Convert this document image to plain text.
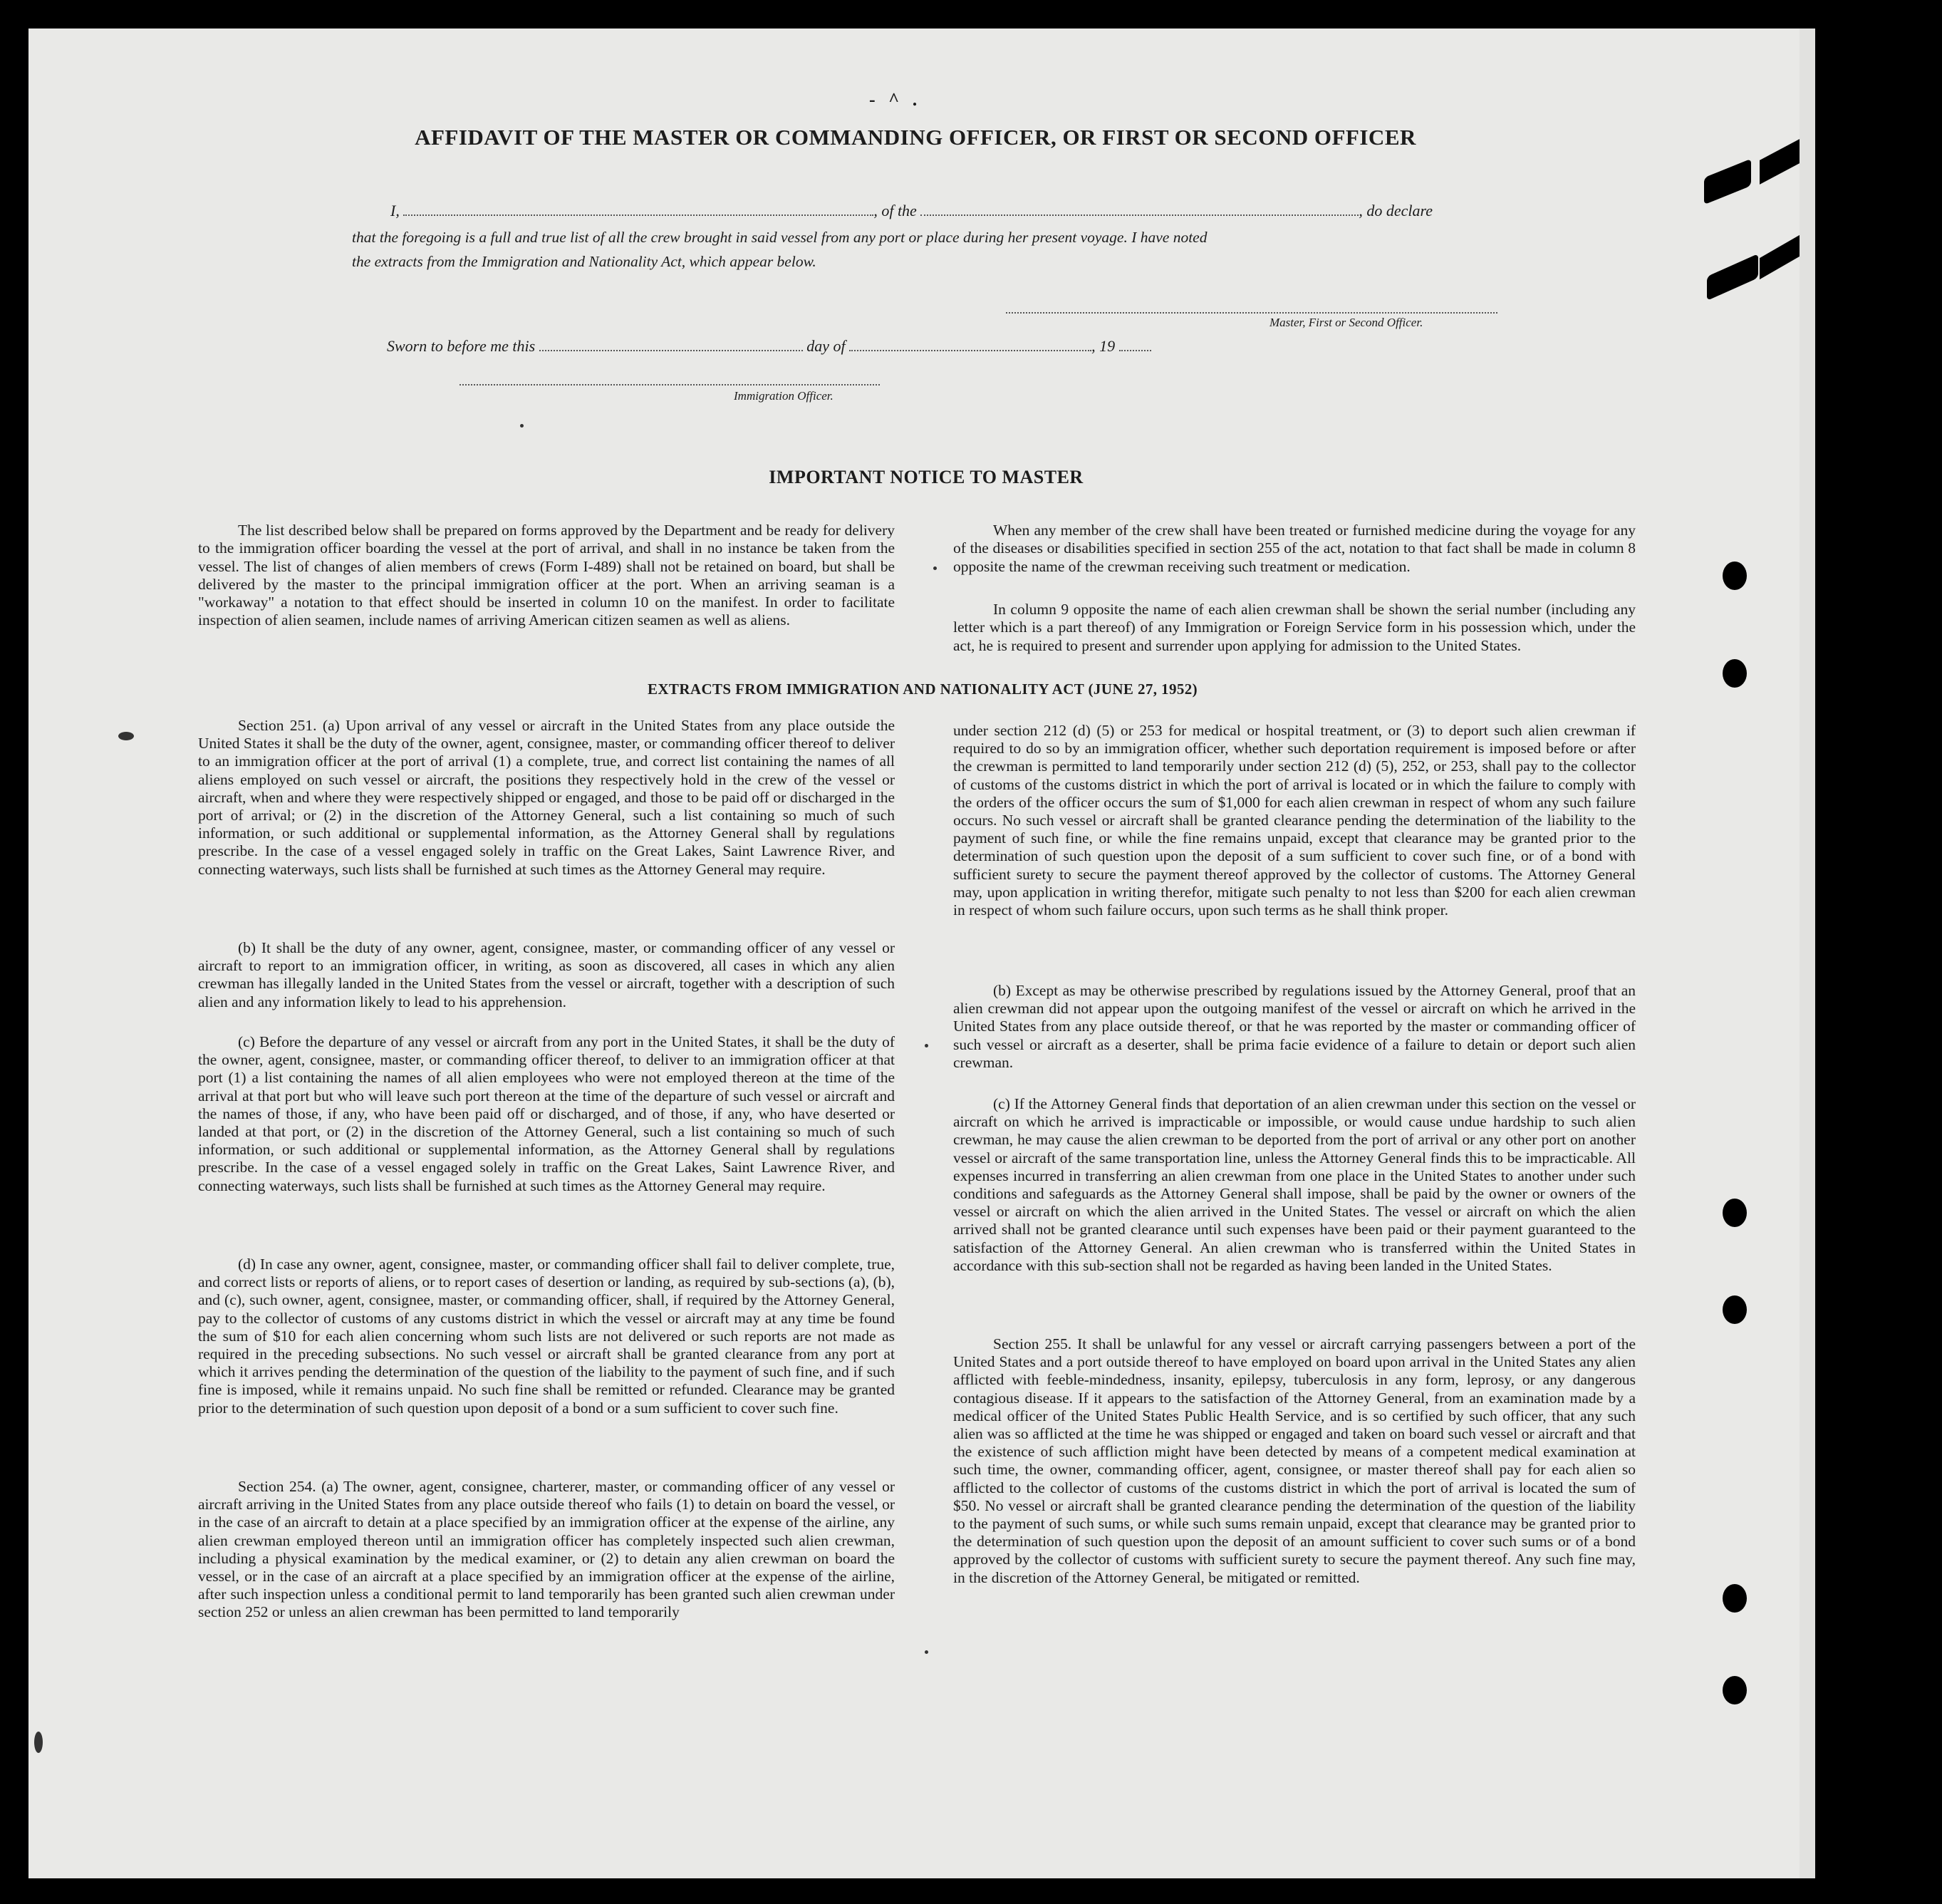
- ^ .
AFFIDAVIT OF THE MASTER OR COMMANDING OFFICER, OR FIRST OR SECOND OFFICER
I,	, of the	, do declare
that the foregoing is a full and true list of all the crew brought in said vessel from any port or place during her present voyage. I have noted
the extracts from the Immigration and Nationality Act, which appear below.
Master, First or Second Officer.
Sworn to before me this	day of	, 19
Immigration Officer.
IMPORTANT NOTICE TO MASTER
The list described below shall be prepared on forms approved by the Department and be ready for delivery to the immigration officer boarding the vessel at the port of arrival, and shall in no instance be taken from the vessel. The list of changes of alien members of crews (Form I-489) shall not be retained on board, but shall be delivered by the master to the principal immigration officer at the port. When an arriving seaman is a "workaway" a notation to that effect should be inserted in column 10 on the manifest. In order to facilitate inspection of alien seamen, include names of arriving American citizen seamen as well as aliens.
When any member of the crew shall have been treated or furnished medicine during the voyage for any of the diseases or disabilities specified in section 255 of the act, notation to that fact shall be made in column 8 opposite the name of the crewman receiving such treatment or medication.
In column 9 opposite the name of each alien crewman shall be shown the serial number (including any letter which is a part thereof) of any Immigration or Foreign Service form in his possession which, under the act, he is required to present and surrender upon applying for admission to the United States.
EXTRACTS FROM IMMIGRATION AND NATIONALITY ACT (JUNE 27, 1952)
Section 251. (a) Upon arrival of any vessel or aircraft in the United States from any place outside the United States it shall be the duty of the owner, agent, consignee, master, or commanding officer thereof to deliver to an immigration officer at the port of arrival (1) a complete, true, and correct list containing the names of all aliens employed on such vessel or aircraft, the positions they respectively hold in the crew of the vessel or aircraft, when and where they were respectively shipped or engaged, and those to be paid off or discharged in the port of arrival; or (2) in the discretion of the Attorney General, such a list containing so much of such information, or such additional or supplemental information, as the Attorney General shall by regulations prescribe. In the case of a vessel engaged solely in traffic on the Great Lakes, Saint Lawrence River, and connecting waterways, such lists shall be furnished at such times as the Attorney General may require.
(b) It shall be the duty of any owner, agent, consignee, master, or commanding officer of any vessel or aircraft to report to an immigration officer, in writing, as soon as discovered, all cases in which any alien crewman has illegally landed in the United States from the vessel or aircraft, together with a description of such alien and any information likely to lead to his apprehension.
(c) Before the departure of any vessel or aircraft from any port in the United States, it shall be the duty of the owner, agent, consignee, master, or commanding officer thereof, to deliver to an immigration officer at that port (1) a list containing the names of all alien employees who were not employed thereon at the time of the arrival at that port but who will leave such port thereon at the time of the departure of such vessel or aircraft and the names of those, if any, who have been paid off or discharged, and of those, if any, who have deserted or landed at that port, or (2) in the discretion of the Attorney General, such a list containing so much of such information, or such additional or supplemental information, as the Attorney General shall by regulations prescribe. In the case of a vessel engaged solely in traffic on the Great Lakes, Saint Lawrence River, and connecting waterways, such lists shall be furnished at such times as the Attorney General may require.
(d) In case any owner, agent, consignee, master, or commanding officer shall fail to deliver complete, true, and correct lists or reports of aliens, or to report cases of desertion or landing, as required by sub-sections (a), (b), and (c), such owner, agent, consignee, master, or commanding officer, shall, if required by the Attorney General, pay to the collector of customs of any customs district in which the vessel or aircraft may at any time be found the sum of $10 for each alien concerning whom such lists are not delivered or such reports are not made as required in the preceding subsections. No such vessel or aircraft shall be granted clearance from any port at which it arrives pending the determination of the question of the liability to the payment of such fine, and if such fine is imposed, while it remains unpaid. No such fine shall be remitted or refunded. Clearance may be granted prior to the determination of such question upon deposit of a bond or a sum sufficient to cover such fine.
Section 254. (a) The owner, agent, consignee, charterer, master, or commanding officer of any vessel or aircraft arriving in the United States from any place outside thereof who fails (1) to detain on board the vessel, or in the case of an aircraft to detain at a place specified by an immigration officer at the expense of the airline, any alien crewman employed thereon until an immigration officer has completely inspected such alien crewman, including a physical examination by the medical examiner, or (2) to detain any alien crewman on board the vessel, or in the case of an aircraft at a place specified by an immigration officer at the expense of the airline, after such inspection unless a conditional permit to land temporarily has been granted such alien crewman under section 252 or unless an alien crewman has been permitted to land temporarily
under section 212 (d) (5) or 253 for medical or hospital treatment, or (3) to deport such alien crewman if required to do so by an immigration officer, whether such deportation requirement is imposed before or after the crewman is permitted to land temporarily under section 212 (d) (5), 252, or 253, shall pay to the collector of customs of the customs district in which the port of arrival is located or in which the failure to comply with the orders of the officer occurs the sum of $1,000 for each alien crewman in respect of whom any such failure occurs. No such vessel or aircraft shall be granted clearance pending the determination of the liability to the payment of such fine, or while the fine remains unpaid, except that clearance may be granted prior to the determination of such question upon the deposit of a sum sufficient to cover such fine, or of a bond with sufficient surety to secure the payment thereof approved by the collector of customs. The Attorney General may, upon application in writing therefor, mitigate such penalty to not less than $200 for each alien crewman in respect of whom such failure occurs, upon such terms as he shall think proper.
(b) Except as may be otherwise prescribed by regulations issued by the Attorney General, proof that an alien crewman did not appear upon the outgoing manifest of the vessel or aircraft on which he arrived in the United States from any place outside thereof, or that he was reported by the master or commanding officer of such vessel or aircraft as a deserter, shall be prima facie evidence of a failure to detain or deport such alien crewman.
(c) If the Attorney General finds that deportation of an alien crewman under this section on the vessel or aircraft on which he arrived is impracticable or impossible, or would cause undue hardship to such alien crewman, he may cause the alien crewman to be deported from the port of arrival or any other port on another vessel or aircraft of the same transportation line, unless the Attorney General finds this to be impracticable. All expenses incurred in transferring an alien crewman from one place in the United States to another under such conditions and safeguards as the Attorney General shall impose, shall be paid by the owner or owners of the vessel or aircraft on which the alien arrived in the United States. The vessel or aircraft on which the alien arrived shall not be granted clearance until such expenses have been paid or their payment guaranteed to the satisfaction of the Attorney General. An alien crewman who is transferred within the United States in accordance with this sub-section shall not be regarded as having been landed in the United States.
Section 255. It shall be unlawful for any vessel or aircraft carrying passengers between a port of the United States and a port outside thereof to have employed on board upon arrival in the United States any alien afflicted with feeble-mindedness, insanity, epilepsy, tuberculosis in any form, leprosy, or any dangerous contagious disease. If it appears to the satisfaction of the Attorney General, from an examination made by a medical officer of the United States Public Health Service, and is so certified by such officer, that any such alien was so afflicted at the time he was shipped or engaged and taken on board such vessel or aircraft and that the existence of such affliction might have been detected by means of a competent medical examination at such time, the owner, commanding officer, agent, consignee, or master thereof shall pay for each alien so afflicted to the collector of customs of the customs district in which the port of arrival is located the sum of $50. No vessel or aircraft shall be granted clearance pending the determination of the question of the liability to the payment of such sums, or while such sums remain unpaid, except that clearance may be granted prior to the determination of such question upon the deposit of an amount sufficient to cover such sums or of a bond approved by the collector of customs with sufficient surety to secure the payment thereof. Any such fine may, in the discretion of the Attorney General, be mitigated or remitted.
